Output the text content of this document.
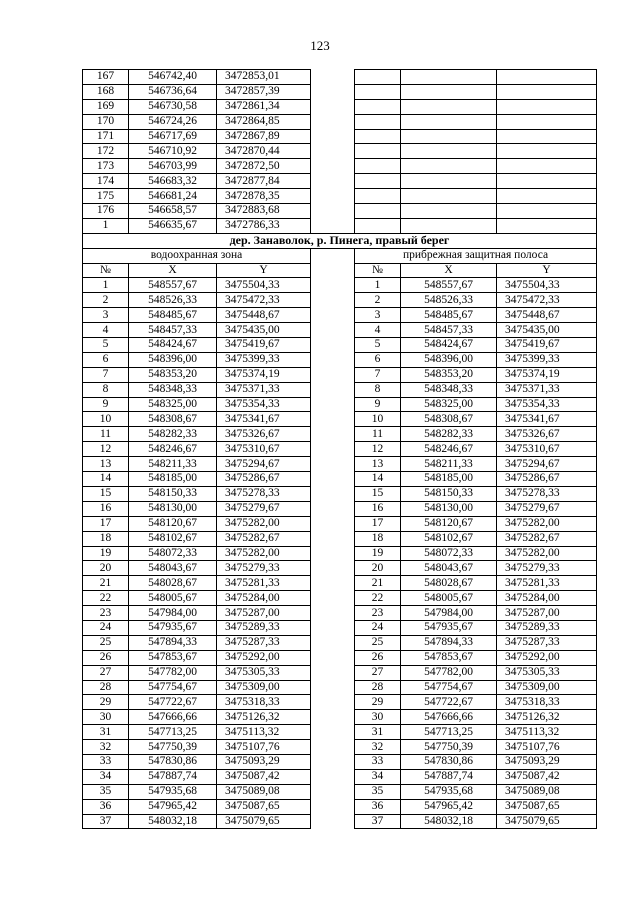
123
167	546742,40	3472853,01				
168	546736,64	3472857,39				
169	546730,58	3472861,34				
170	546724,26	3472864,85				
171	546717,69	3472867,89				
172	546710,92	3472870,44				
173	546703,99	3472872,50				
174	546683,32	3472877,84				
175	546681,24	3472878,35				
176	546658,57	3472883,68				
1	546635,67	3472786,33				
дер. Занаволок, р. Пинега, правый берег						
водоохранная зона				прибрежная защитная полоса		
№	X	Y		№	X	Y
1	548557,67	3475504,33		1	548557,67	3475504,33
2	548526,33	3475472,33		2	548526,33	3475472,33
3	548485,67	3475448,67		3	548485,67	3475448,67
4	548457,33	3475435,00		4	548457,33	3475435,00
5	548424,67	3475419,67		5	548424,67	3475419,67
6	548396,00	3475399,33		6	548396,00	3475399,33
7	548353,20	3475374,19		7	548353,20	3475374,19
8	548348,33	3475371,33		8	548348,33	3475371,33
9	548325,00	3475354,33		9	548325,00	3475354,33
10	548308,67	3475341,67		10	548308,67	3475341,67
11	548282,33	3475326,67		11	548282,33	3475326,67
12	548246,67	3475310,67		12	548246,67	3475310,67
13	548211,33	3475294,67		13	548211,33	3475294,67
14	548185,00	3475286,67		14	548185,00	3475286,67
15	548150,33	3475278,33		15	548150,33	3475278,33
16	548130,00	3475279,67		16	548130,00	3475279,67
17	548120,67	3475282,00		17	548120,67	3475282,00
18	548102,67	3475282,67		18	548102,67	3475282,67
19	548072,33	3475282,00		19	548072,33	3475282,00
20	548043,67	3475279,33		20	548043,67	3475279,33
21	548028,67	3475281,33		21	548028,67	3475281,33
22	548005,67	3475284,00		22	548005,67	3475284,00
23	547984,00	3475287,00		23	547984,00	3475287,00
24	547935,67	3475289,33		24	547935,67	3475289,33
25	547894,33	3475287,33		25	547894,33	3475287,33
26	547853,67	3475292,00		26	547853,67	3475292,00
27	547782,00	3475305,33		27	547782,00	3475305,33
28	547754,67	3475309,00		28	547754,67	3475309,00
29	547722,67	3475318,33		29	547722,67	3475318,33
30	547666,66	3475126,32		30	547666,66	3475126,32
31	547713,25	3475113,32		31	547713,25	3475113,32
32	547750,39	3475107,76		32	547750,39	3475107,76
33	547830,86	3475093,29		33	547830,86	3475093,29
34	547887,74	3475087,42		34	547887,74	3475087,42
35	547935,68	3475089,08		35	547935,68	3475089,08
36	547965,42	3475087,65		36	547965,42	3475087,65
37	548032,18	3475079,65		37	548032,18	3475079,65
